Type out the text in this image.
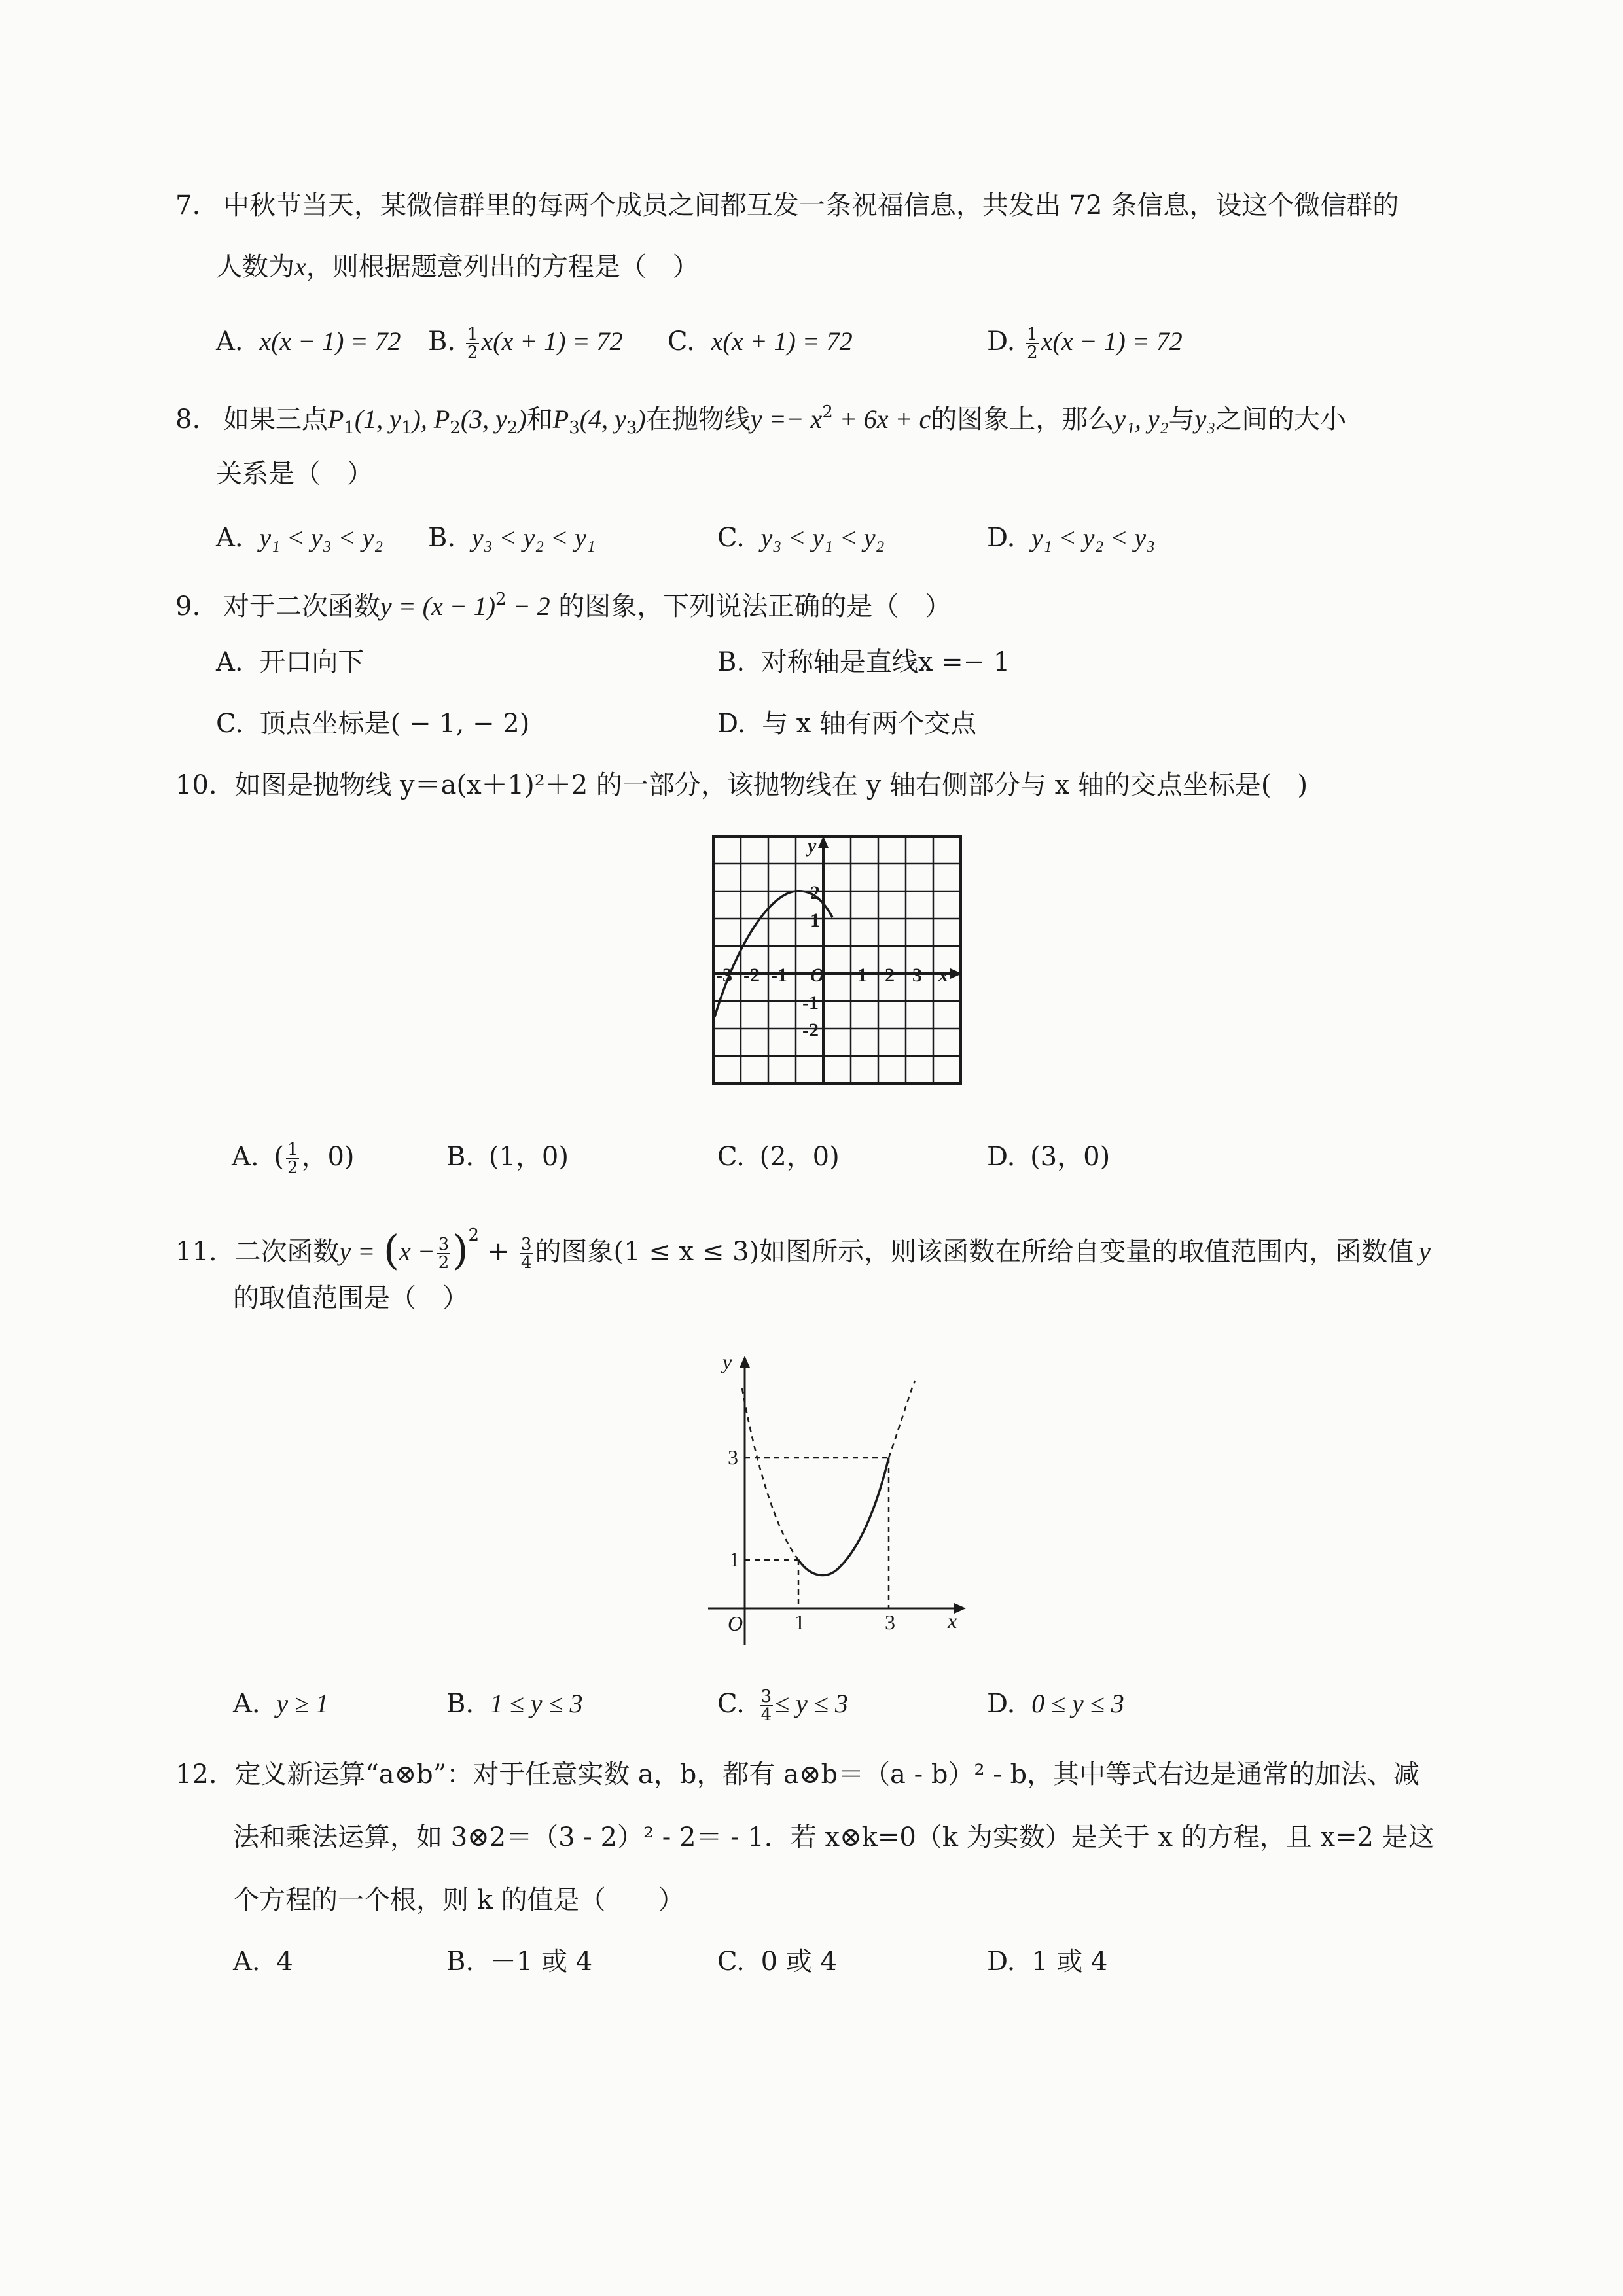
7. 中秋节当天，某微信群里的每两个成员之间都互发一条祝福信息，共发出 72 条信息，设这个微信群的
人数为x，则根据题意列出的方程是（　）
A. x(x − 1) = 72 B. $\frac{1}{2} x(x + 1) = 72$ C. x(x + 1) = 72	D. $\frac{1}{2} x(x - 1) = 72$
8. 如果三点$P_1(1$, $y_1$), $P_2(3$, $y_2$)和$P_3(4$, $y_3$)在抛物线$y =- x^2 + 6x + c$的图象上，那么y₁, y₂与y₃之间的大小
关系是（　）
A. y₁ < y₃ < y₂ B. y₃ < y₂ < y₁	C. y₃ < y₁ < y₂	D. y₁ < y₂ < y₃
9. 对于二次函数$y = (x - 1)^2 - 2$ 的图象，下列说法正确的是（　）
A. 开口向下	B. 对称轴是直线x =− 1
C. 顶点坐标是( − 1, − 2)	D. 与 x 轴有两个交点
10. 如图是抛物线 y＝a(x＋1)²＋2 的一部分，该抛物线在 y 轴右侧部分与 x 轴的交点坐标是(　)
x
y
O
-3 -2 -1	1 2 3
2
1
-1
-2
A. ( $\frac{1}{2}$ ，0)	B. (1，0)	C. (2，0)	D. (3，0)
11. 二次函数$y = (x - \frac{3}{2} )^2 + \frac{3}{4}$ 的图象(1 ≤ x ≤ 3)如图所示，则该函数在所给自变量的取值范围内，函数值 y
的取值范围是（　）
y
x
O 1	3
3
1
A. y ≥ 1	B. 1 ≤ y ≤ 3	C. $\frac{3}{4} \le y \le 3$	D. 0 ≤ y ≤ 3
12. 定义新运算“a⊗b”：对于任意实数 a，b，都有 a⊗b＝（a - b）² - b，其中等式右边是通常的加法、减
法和乘法运算，如 3⊗2＝（3 - 2）² - 2＝ - 1．若 x⊗k=0（k 为实数）是关于 x 的方程，且 x=2 是这
个方程的一个根，则 k 的值是（　　）
A. 4	B. －1 或 4	C. 0 或 4	D. 1 或 4
